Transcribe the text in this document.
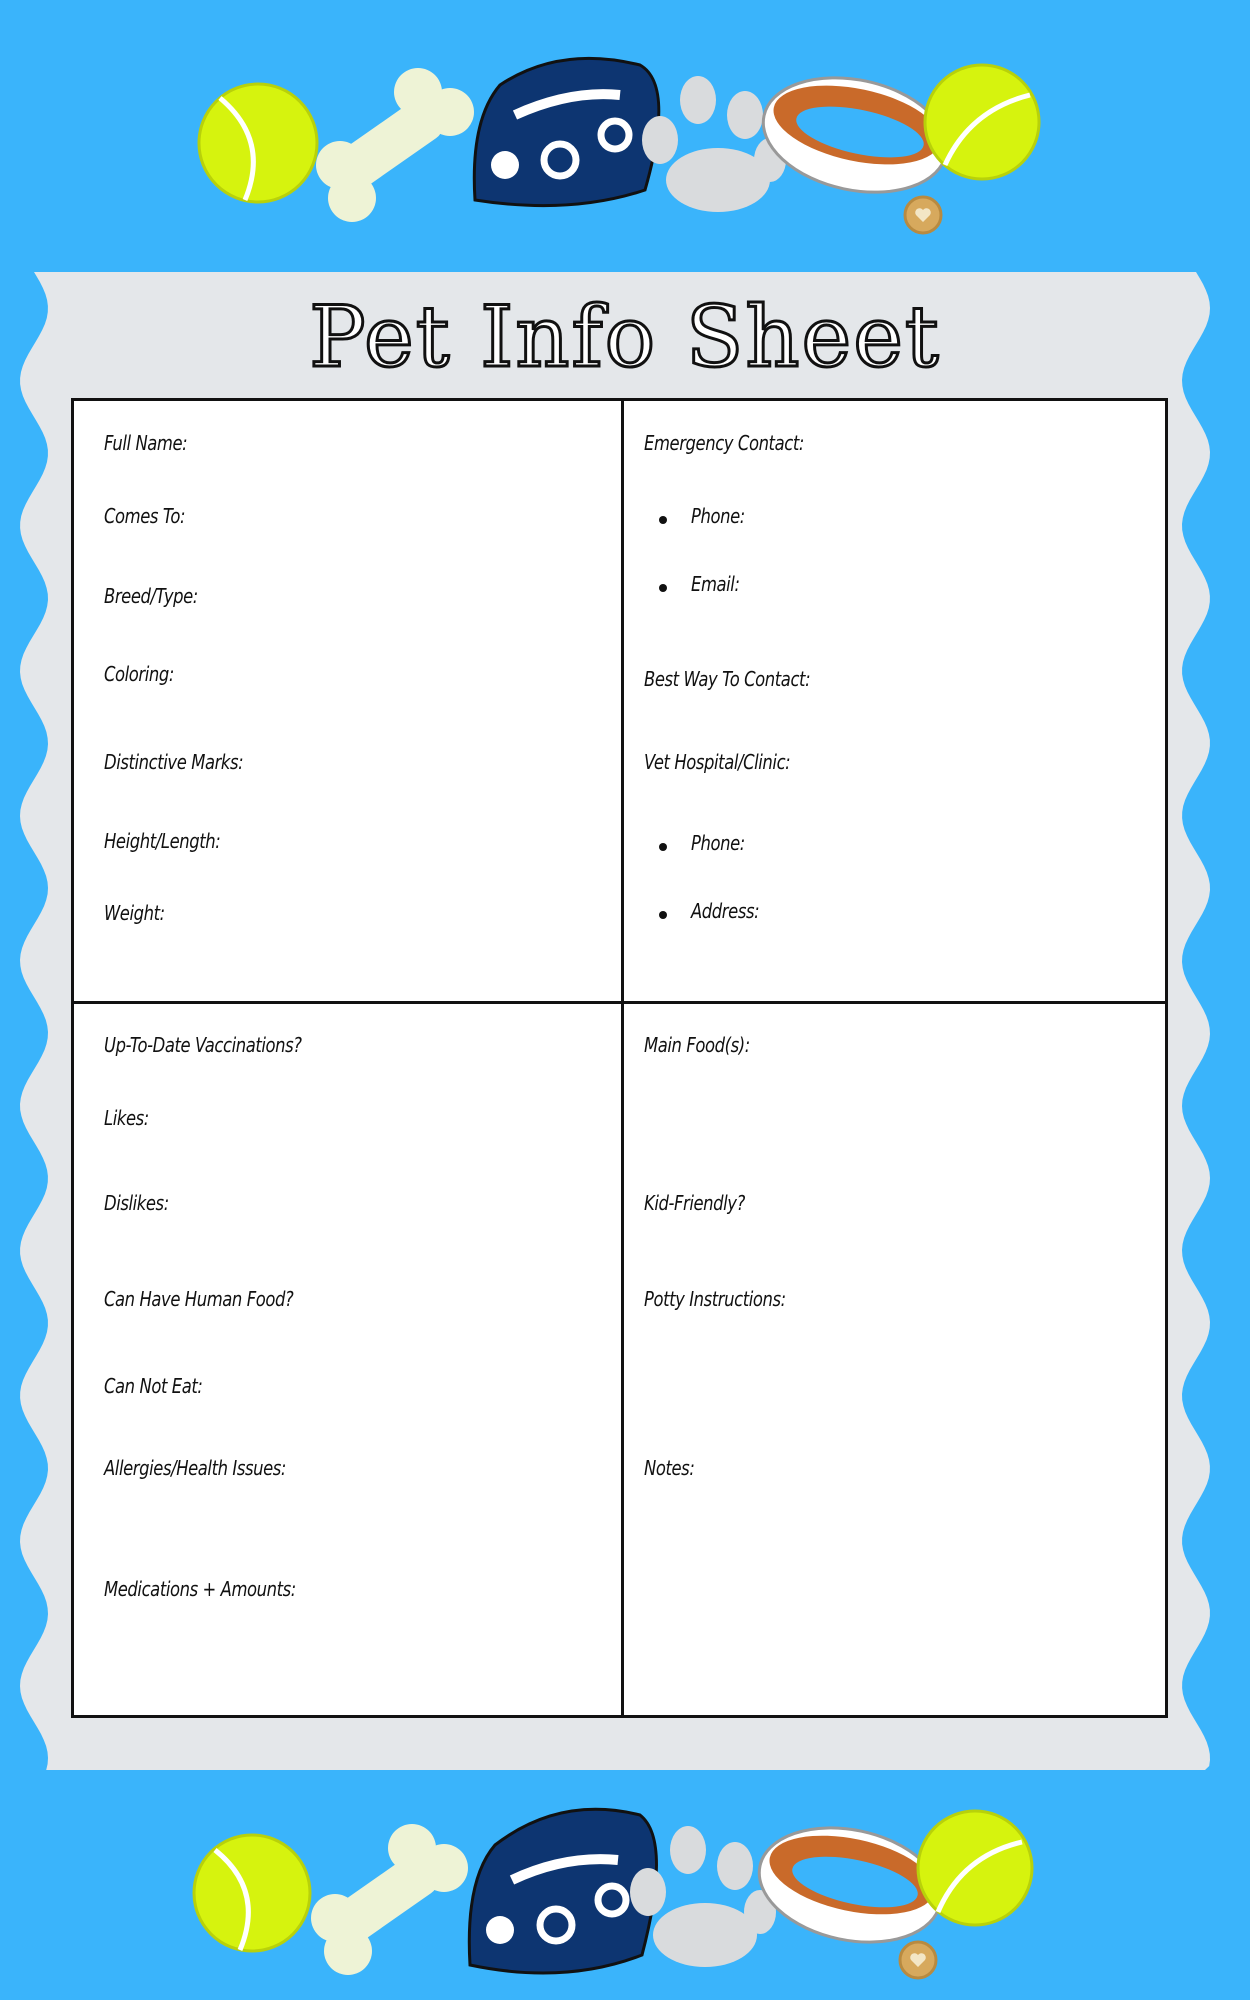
Pet Info Sheet
Full Name:
Comes To:
Breed/Type:
Coloring:
Distinctive Marks:
Height/Length:
Weight:
Emergency Contact:
Phone:
Email:
Best Way To Contact:
Vet Hospital/Clinic:
Phone:
Address:
Up-To-Date Vaccinations?
Likes:
Dislikes:
Can Have Human Food?
Can Not Eat:
Allergies/Health Issues:
Medications + Amounts:
Main Food(s):
Kid-Friendly?
Potty Instructions:
Notes:
